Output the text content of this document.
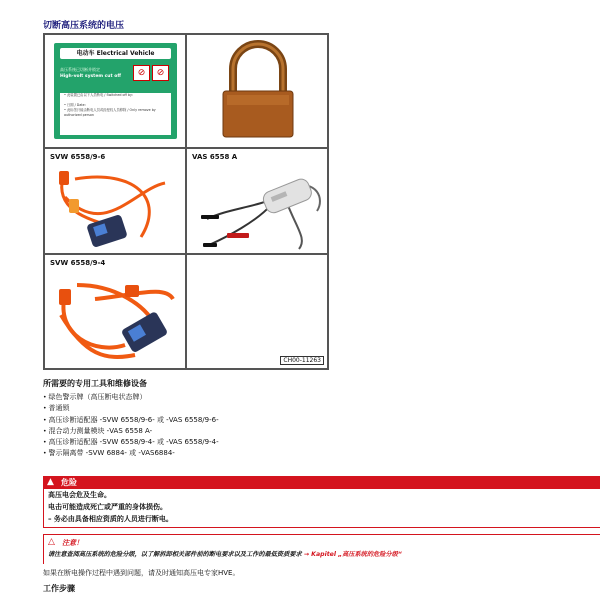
切断高压系统的电压
电动车 Electrical Vehicle
高压系统已切断并锁定
High-volt system cut off	⊘	⊘
• 此装置已由以下人员断电 / Switched off by:

• 日期 / Date:
• 此标签只能由断电人员或经授权人员移除 / Only remove by authorized person
SVW 6558/9-6	VAS 6558 A
SVW 6558/9-4
CH00-11263
所需要的专用工具和维修设备
• 绿色警示牌（高压断电状态牌）
• 普通锁
• 高压诊断适配器 -SVW 6558/9-6- 或 -VAS 6558/9-6-
• 混合动力测量模块 -VAS 6558 A-
• 高压诊断适配器 -SVW 6558/9-4- 或 -VAS 6558/9-4-
• 警示隔离带 -SVW 6884- 或 -VAS6884-
▲ 危险
高压电会危及生命。
电击可能造成死亡或严重的身体损伤。
– 务必由具备相应资质的人员进行断电。
△ 注意！
请注意查阅高压系统的危险分级，以了解拆卸相关部件前的断电要求以及工作的最低资质要求 → Kapitel „高压系统的危险分级“
如果在断电操作过程中遇到问题，请及时通知高压电专家HVE。
工作步骤
